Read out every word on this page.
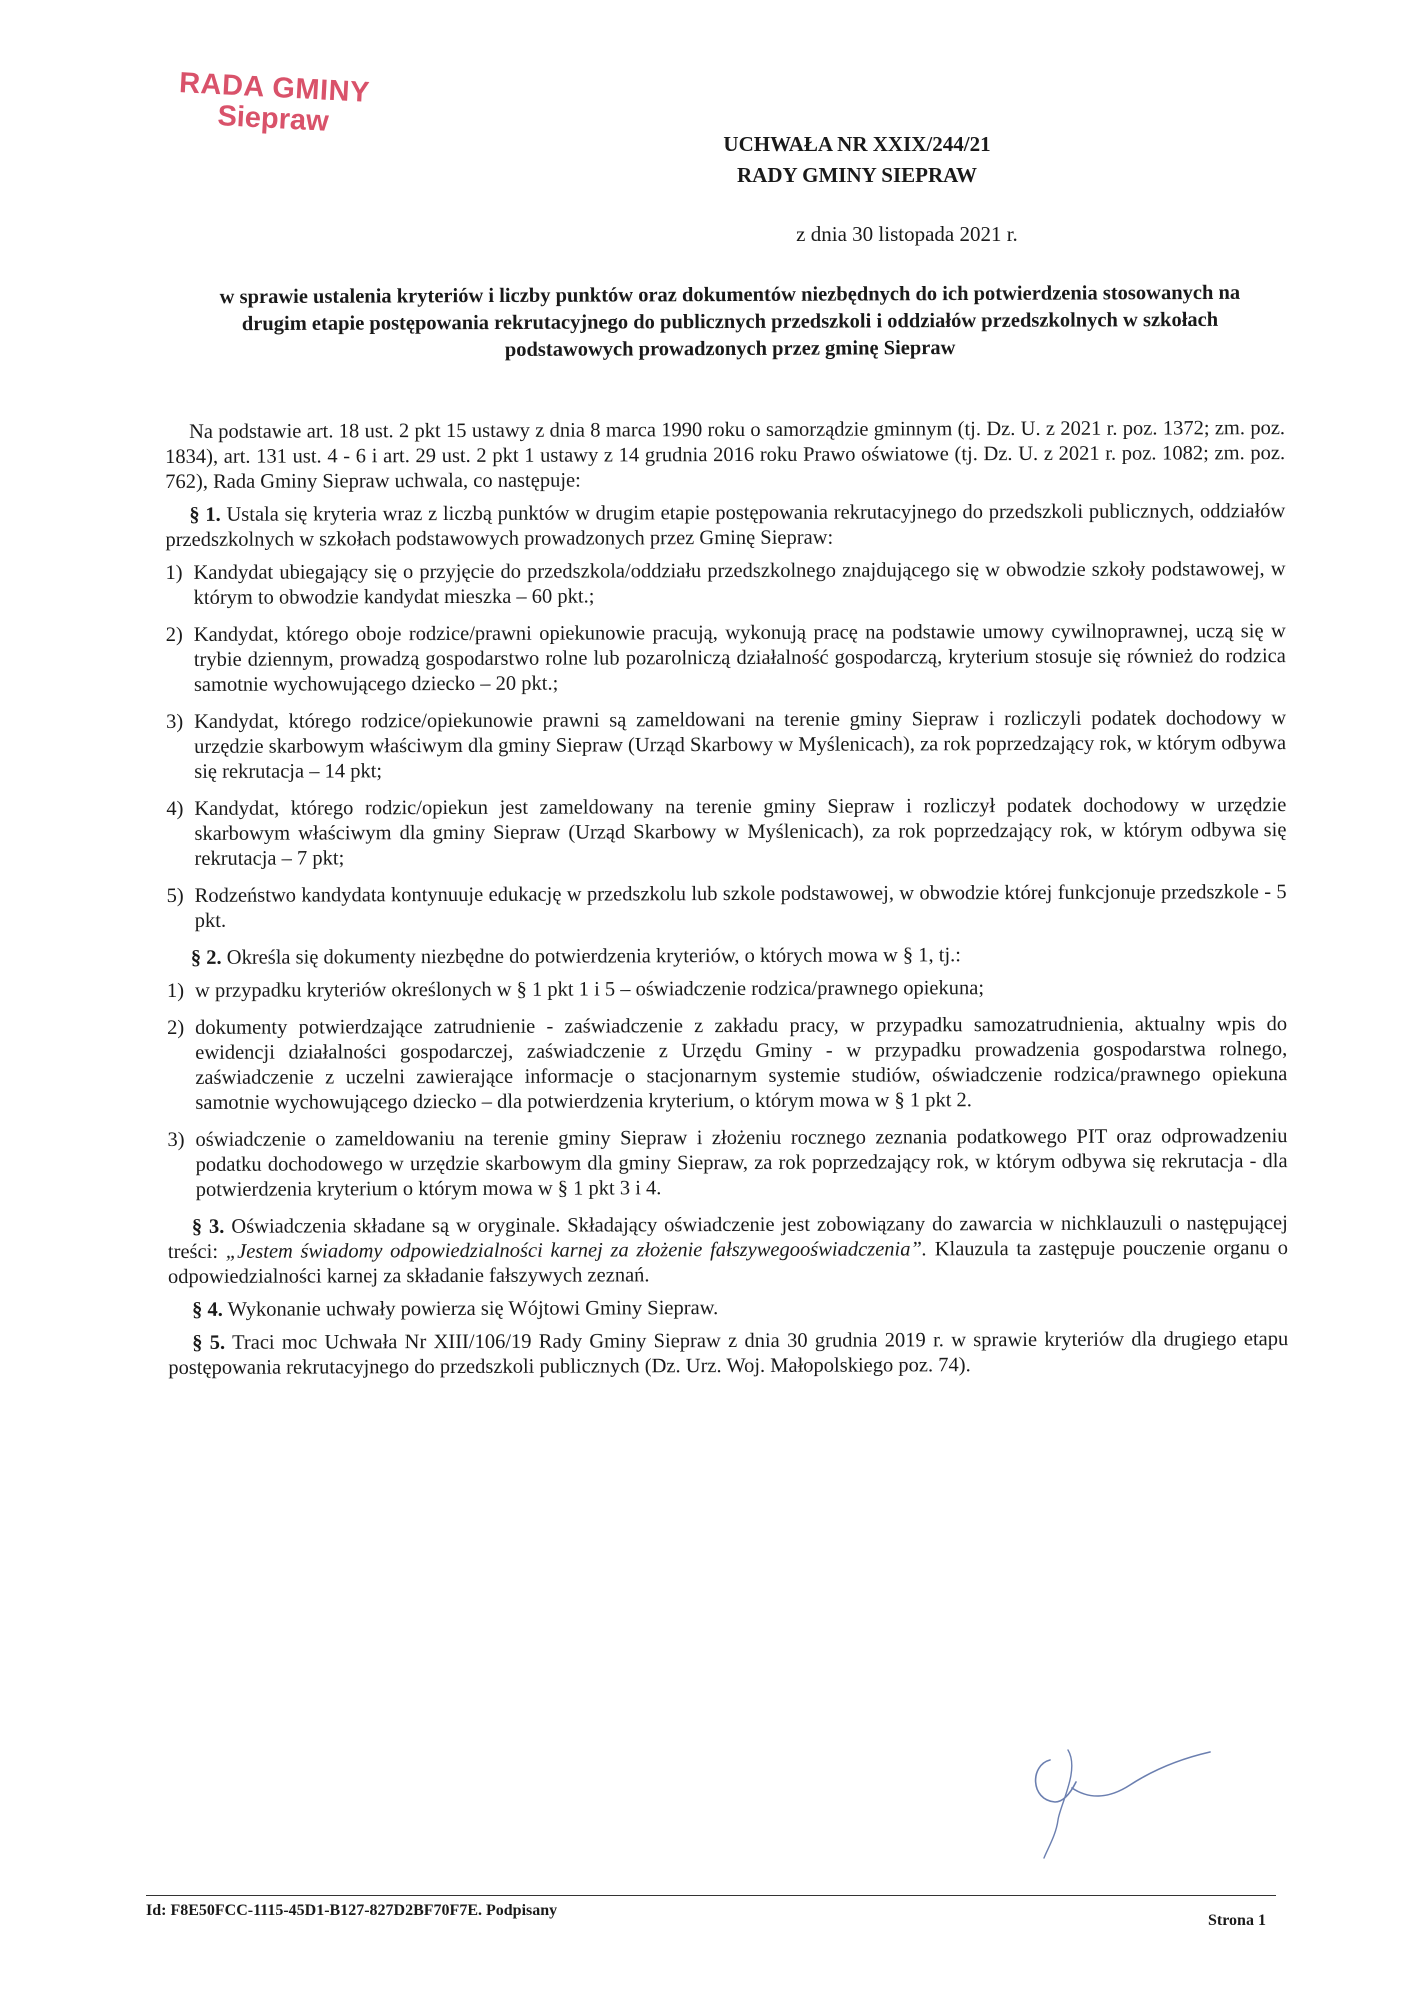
RADA GMINY
Siepraw
UCHWAŁA NR XXIX/244/21
RADY GMINY SIEPRAW
z dnia 30 listopada 2021 r.
w sprawie ustalenia kryteriów i liczby punktów oraz dokumentów niezbędnych do ich potwierdzenia stosowanych na drugim etapie postępowania rekrutacyjnego do publicznych przedszkoli i oddziałów przedszkolnych w szkołach podstawowych prowadzonych przez gminę Siepraw

Na podstawie art. 18 ust. 2 pkt 15 ustawy z dnia 8 marca 1990 roku o samorządzie gminnym (tj. Dz. U. z 2021 r. poz. 1372; zm. poz. 1834), art. 131 ust. 4 - 6 i art. 29 ust. 2 pkt 1 ustawy z 14 grudnia 2016 roku Prawo oświatowe (tj. Dz. U. z 2021 r. poz. 1082; zm. poz. 762), Rada Gminy Siepraw uchwala, co następuje:

§ 1. Ustala się kryteria wraz z liczbą punktów w drugim etapie postępowania rekrutacyjnego do przedszkoli publicznych, oddziałów przedszkolnych w szkołach podstawowych prowadzonych przez Gminę Siepraw:

1) Kandydat ubiegający się o przyjęcie do przedszkola/oddziału przedszkolnego znajdującego się w obwodzie szkoły podstawowej, w którym to obwodzie kandydat mieszka – 60 pkt.;
2) Kandydat, którego oboje rodzice/prawni opiekunowie pracują, wykonują pracę na podstawie umowy cywilnoprawnej, uczą się w trybie dziennym, prowadzą gospodarstwo rolne lub pozarolniczą działalność gospodarczą, kryterium stosuje się również do rodzica samotnie wychowującego dziecko – 20 pkt.;
3) Kandydat, którego rodzice/opiekunowie prawni są zameldowani na terenie gminy Siepraw i rozliczyli podatek dochodowy w urzędzie skarbowym właściwym dla gminy Siepraw (Urząd Skarbowy w Myślenicach), za rok poprzedzający rok, w którym odbywa się rekrutacja – 14 pkt;
4) Kandydat, którego rodzic/opiekun jest zameldowany na terenie gminy Siepraw i rozliczył podatek dochodowy w urzędzie skarbowym właściwym dla gminy Siepraw (Urząd Skarbowy w Myślenicach), za rok poprzedzający rok, w którym odbywa się rekrutacja – 7 pkt;
5) Rodzeństwo kandydata kontynuuje edukację w przedszkolu lub szkole podstawowej, w obwodzie której funkcjonuje przedszkole - 5 pkt.

§ 2. Określa się dokumenty niezbędne do potwierdzenia kryteriów, o których mowa w § 1, tj.:

1) w przypadku kryteriów określonych w § 1 pkt 1 i 5 – oświadczenie rodzica/prawnego opiekuna;
2) dokumenty potwierdzające zatrudnienie - zaświadczenie z zakładu pracy, w przypadku samozatrudnienia, aktualny wpis do ewidencji działalności gospodarczej, zaświadczenie z Urzędu Gminy - w przypadku prowadzenia gospodarstwa rolnego, zaświadczenie z uczelni zawierające informacje o stacjonarnym systemie studiów, oświadczenie rodzica/prawnego opiekuna samotnie wychowującego dziecko – dla potwierdzenia kryterium, o którym mowa w § 1 pkt 2.
3) oświadczenie o zameldowaniu na terenie gminy Siepraw i złożeniu rocznego zeznania podatkowego PIT oraz odprowadzeniu podatku dochodowego w urzędzie skarbowym dla gminy Siepraw, za rok poprzedzający rok, w którym odbywa się rekrutacja - dla potwierdzenia kryterium o którym mowa w § 1 pkt 3 i 4.

§ 3. Oświadczenia składane są w oryginale. Składający oświadczenie jest zobowiązany do zawarcia w nichklauzuli o następującej treści: „Jestem świadomy odpowiedzialności karnej za złożenie fałszywegooświadczenia”. Klauzula ta zastępuje pouczenie organu o odpowiedzialności karnej za składanie fałszywych zeznań.

§ 4. Wykonanie uchwały powierza się Wójtowi Gminy Siepraw.

§ 5. Traci moc Uchwała Nr XIII/106/19 Rady Gminy Siepraw z dnia 30 grudnia 2019 r. w sprawie kryteriów dla drugiego etapu postępowania rekrutacyjnego do przedszkoli publicznych (Dz. Urz. Woj. Małopolskiego poz. 74).

Id: F8E50FCC-1115-45D1-B127-827D2BF70F7E. Podpisany
Strona 1
